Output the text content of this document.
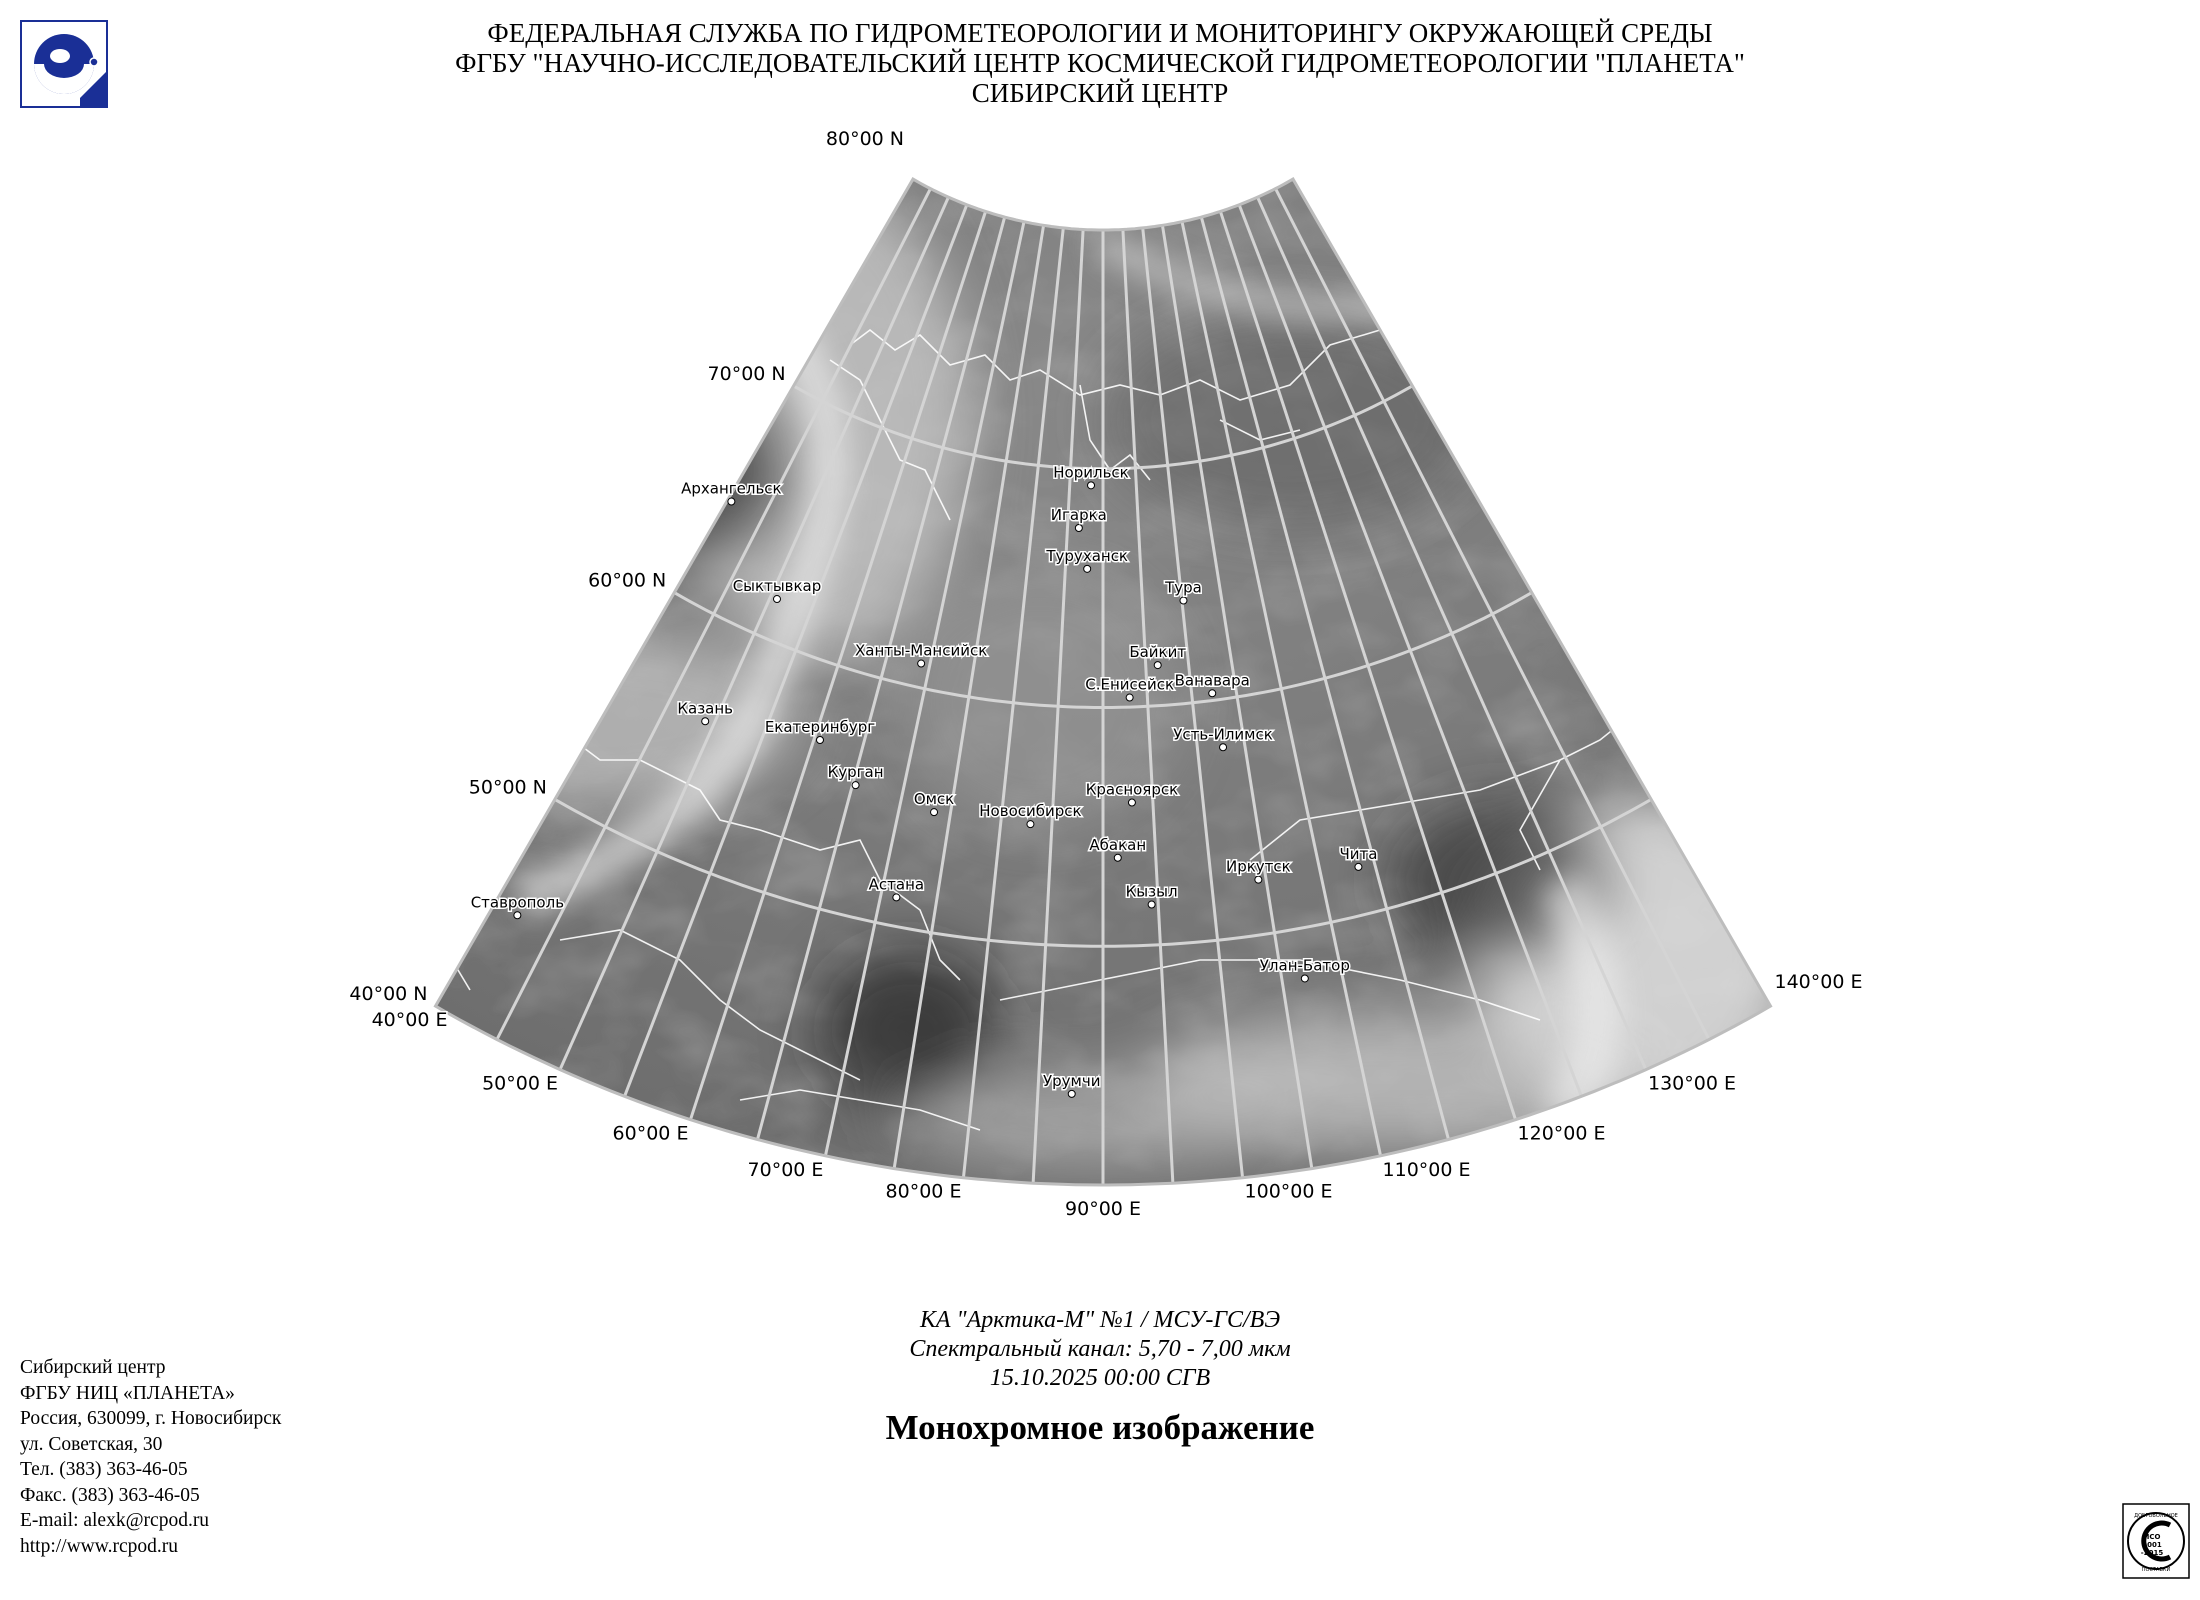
ФЕДЕРАЛЬНАЯ СЛУЖБА ПО ГИДРОМЕТЕОРОЛОГИИ И МОНИТОРИНГУ ОКРУЖАЮЩЕЙ СРЕДЫ
ФГБУ "НАУЧНО-ИССЛЕДОВАТЕЛЬСКИЙ ЦЕНТР КОСМИЧЕСКОЙ ГИДРОМЕТЕОРОЛОГИИ "ПЛАНЕТА"
СИБИРСКИЙ ЦЕНТР
80°00 N
70°00 N
60°00 N
50°00 N
40°00 N
40°00 E
50°00 E
60°00 E
70°00 E
80°00 E
90°00 E
100°00 E
110°00 E
120°00 E
130°00 E
140°00 E
Архангельск
Сыктывкар
Казань
Ставрополь
Ханты-Мансийск
Екатеринбург
Курган
Омск
Астана
Новосибирск
Норильск
Игарка
Туруханск
Тура
Байкит
С.Енисейск Ванавара
Усть-Илимск
Красноярск
Абакан
Кызыл
Иркутск
Чита
Улан-Батор
Урумчи
КА "Арктика-М" №1 / МСУ-ГС/ВЭ
Спектральный канал: 5,70 - 7,00 мкм
15.10.2025 00:00 СГВ
Монохромное изображение
Сибирский центр
ФГБУ НИЦ «ПЛАНЕТА»
Россия, 630099, г. Новосибирск
ул. Советская, 30
Тел. (383) 363-46-05
Факс. (383) 363-46-05
E-mail: alexk@rcpod.ru
http://www.rcpod.ru
ДОБРОВОЛЬНОЕ
ПОСТАВКИ
ИСО
9001
-2015
